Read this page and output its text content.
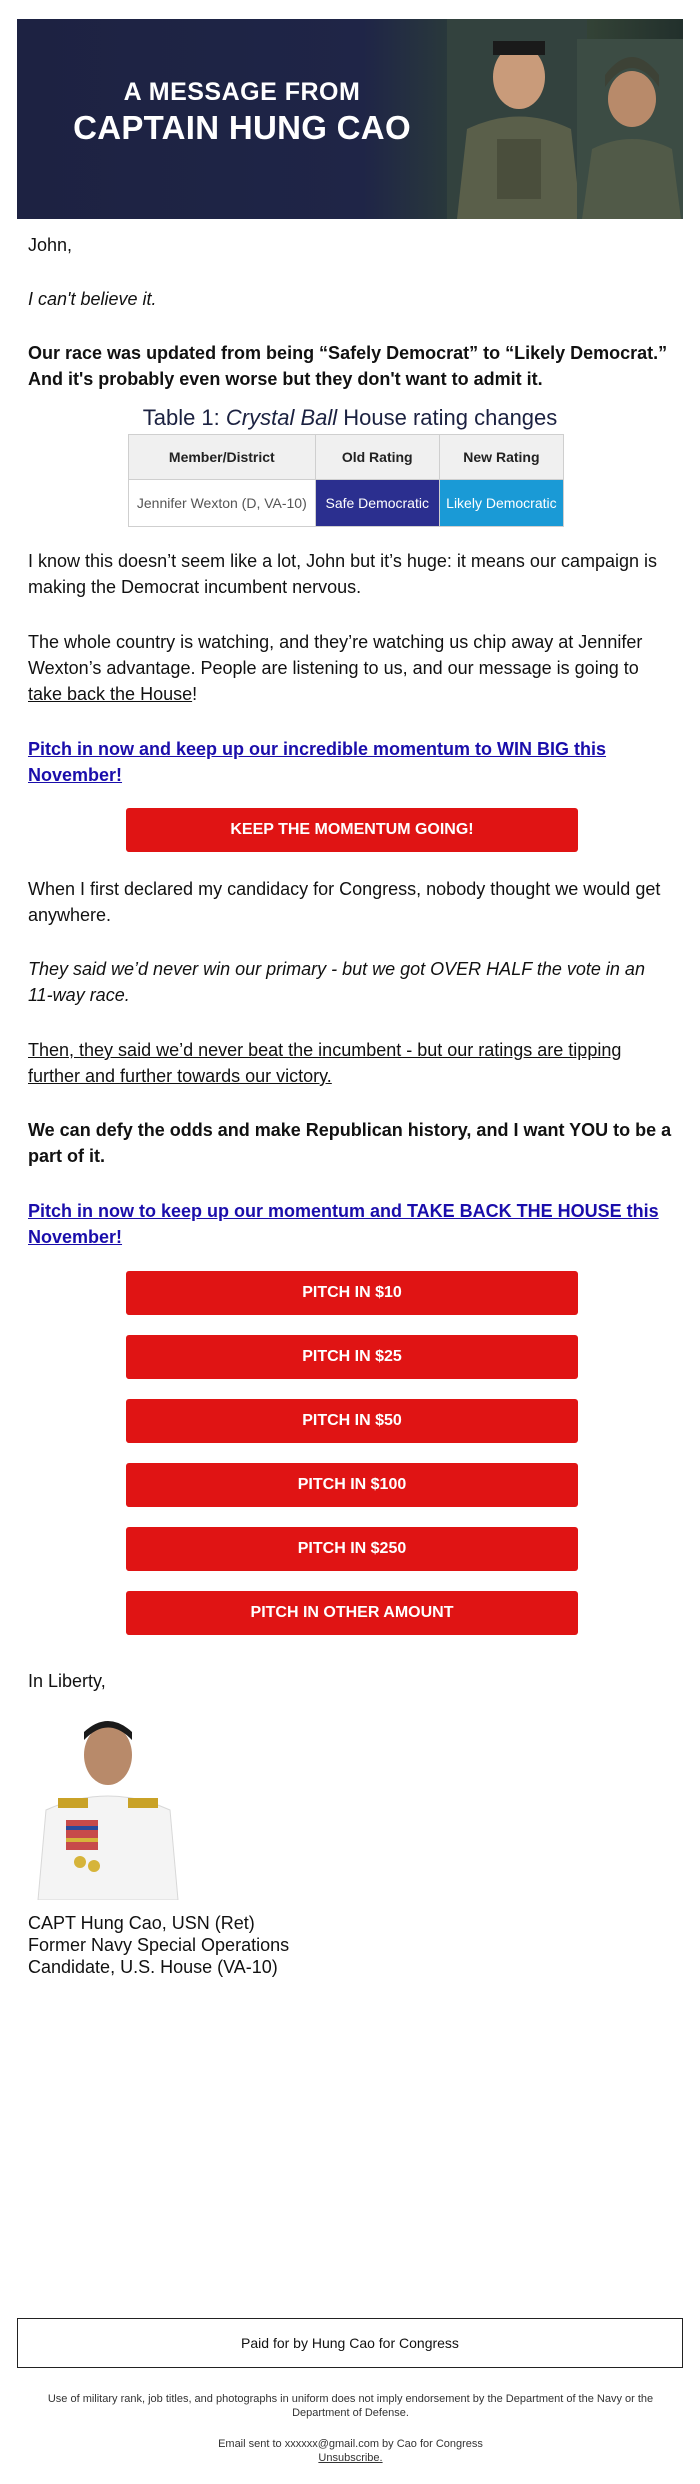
A MESSAGE FROM
CAPTAIN HUNG CAO

John,

I can't believe it.

Our race was updated from being “Safely Democrat” to “Likely Democrat.” And it's probably even worse but they don't want to admit it.

Table 1: Crystal Ball House rating changes
Member/District	Old Rating	New Rating
Jennifer Wexton (D, VA-10)	Safe Democratic	Likely Democratic

I know this doesn’t seem like a lot, John but it’s huge: it means our campaign is making the Democrat incumbent nervous.

The whole country is watching, and they’re watching us chip away at Jennifer Wexton’s advantage. People are listening to us, and our message is going to take back the House!

Pitch in now and keep up our incredible momentum to WIN BIG this November!

KEEP THE MOMENTUM GOING!

When I first declared my candidacy for Congress, nobody thought we would get anywhere.

They said we’d never win our primary - but we got OVER HALF the vote in an 11-way race.

Then, they said we’d never beat the incumbent - but our ratings are tipping further and further towards our victory.

We can defy the odds and make Republican history, and I want YOU to be a part of it.

Pitch in now to keep up our momentum and TAKE BACK THE HOUSE this November!

PITCH IN $10
PITCH IN $25
PITCH IN $50
PITCH IN $100
PITCH IN $250
PITCH IN OTHER AMOUNT

In Liberty,

CAPT Hung Cao, USN (Ret)

Former Navy Special Operations

Candidate, U.S. House (VA-10)

Paid for by Hung Cao for Congress
Use of military rank, job titles, and photographs in uniform does not imply endorsement by the Department of the Navy or the Department of Defense.
Email sent to xxxxxx@gmail.com by Cao for Congress
Unsubscribe.
